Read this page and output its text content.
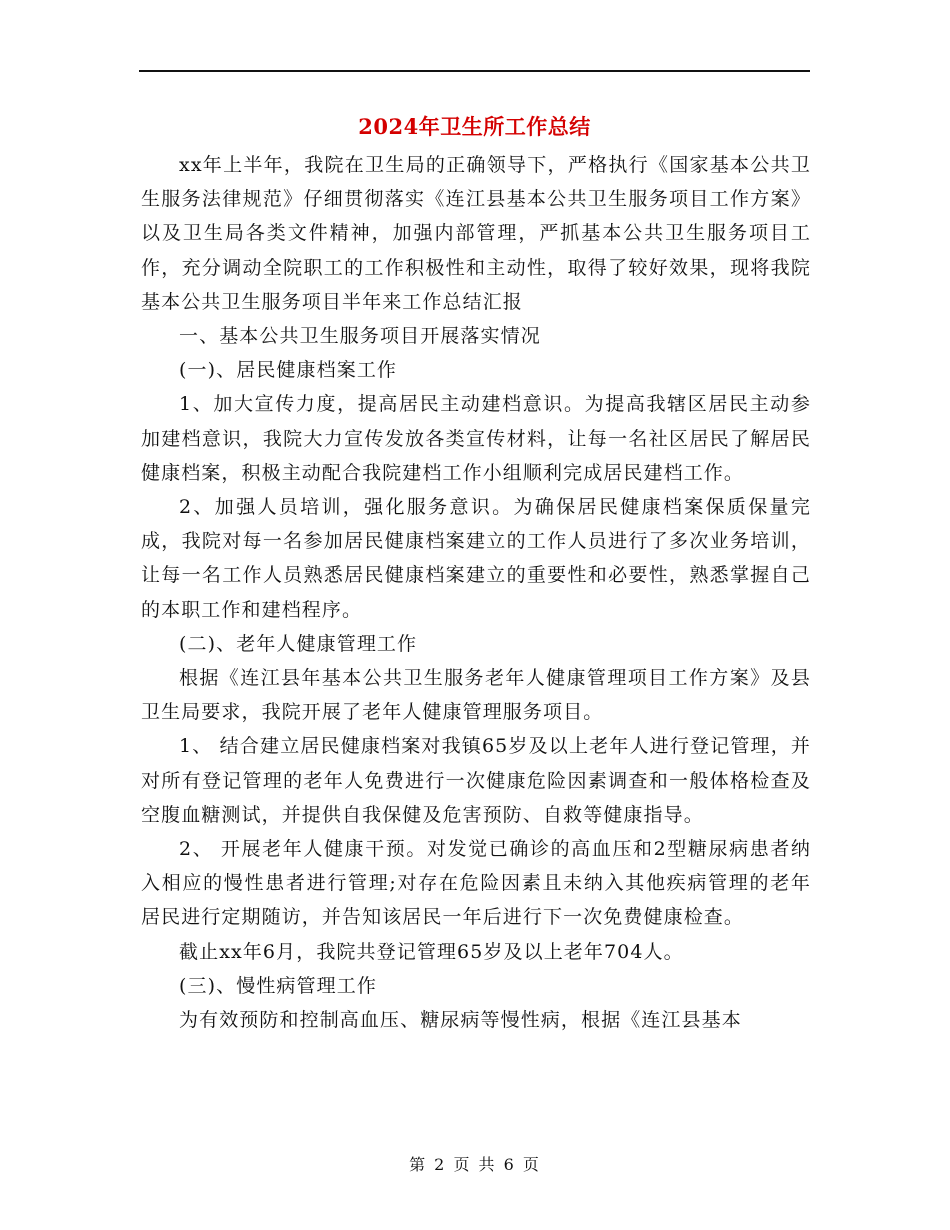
2024年卫生所工作总结

xx年上半年，我院在卫生局的正确领导下，严格执行《国家基本公共卫生服务法律规范》仔细贯彻落实《连江县基本公共卫生服务项目工作方案》以及卫生局各类文件精神，加强内部管理，严抓基本公共卫生服务项目工作，充分调动全院职工的工作积极性和主动性，取得了较好效果，现将我院基本公共卫生服务项目半年来工作总结汇报

一、基本公共卫生服务项目开展落实情况

(一)、居民健康档案工作

1、加大宣传力度，提高居民主动建档意识。为提高我辖区居民主动参加建档意识，我院大力宣传发放各类宣传材料，让每一名社区居民了解居民健康档案，积极主动配合我院建档工作小组顺利完成居民建档工作。

2、加强人员培训，强化服务意识。为确保居民健康档案保质保量完成，我院对每一名参加居民健康档案建立的工作人员进行了多次业务培训，让每一名工作人员熟悉居民健康档案建立的重要性和必要性，熟悉掌握自己的本职工作和建档程序。

(二)、老年人健康管理工作

根据《连江县年基本公共卫生服务老年人健康管理项目工作方案》及县卫生局要求，我院开展了老年人健康管理服务项目。

1、 结合建立居民健康档案对我镇65岁及以上老年人进行登记管理，并对所有登记管理的老年人免费进行一次健康危险因素调查和一般体格检查及空腹血糖测试，并提供自我保健及危害预防、自救等健康指导。

2、 开展老年人健康干预。对发觉已确诊的高血压和2型糖尿病患者纳入相应的慢性患者进行管理;对存在危险因素且未纳入其他疾病管理的老年居民进行定期随访，并告知该居民一年后进行下一次免费健康检查。

截止xx年6月，我院共登记管理65岁及以上老年704人。

(三)、慢性病管理工作

为有效预防和控制高血压、糖尿病等慢性病，根据《连江县基本

第 2 页 共 6 页
